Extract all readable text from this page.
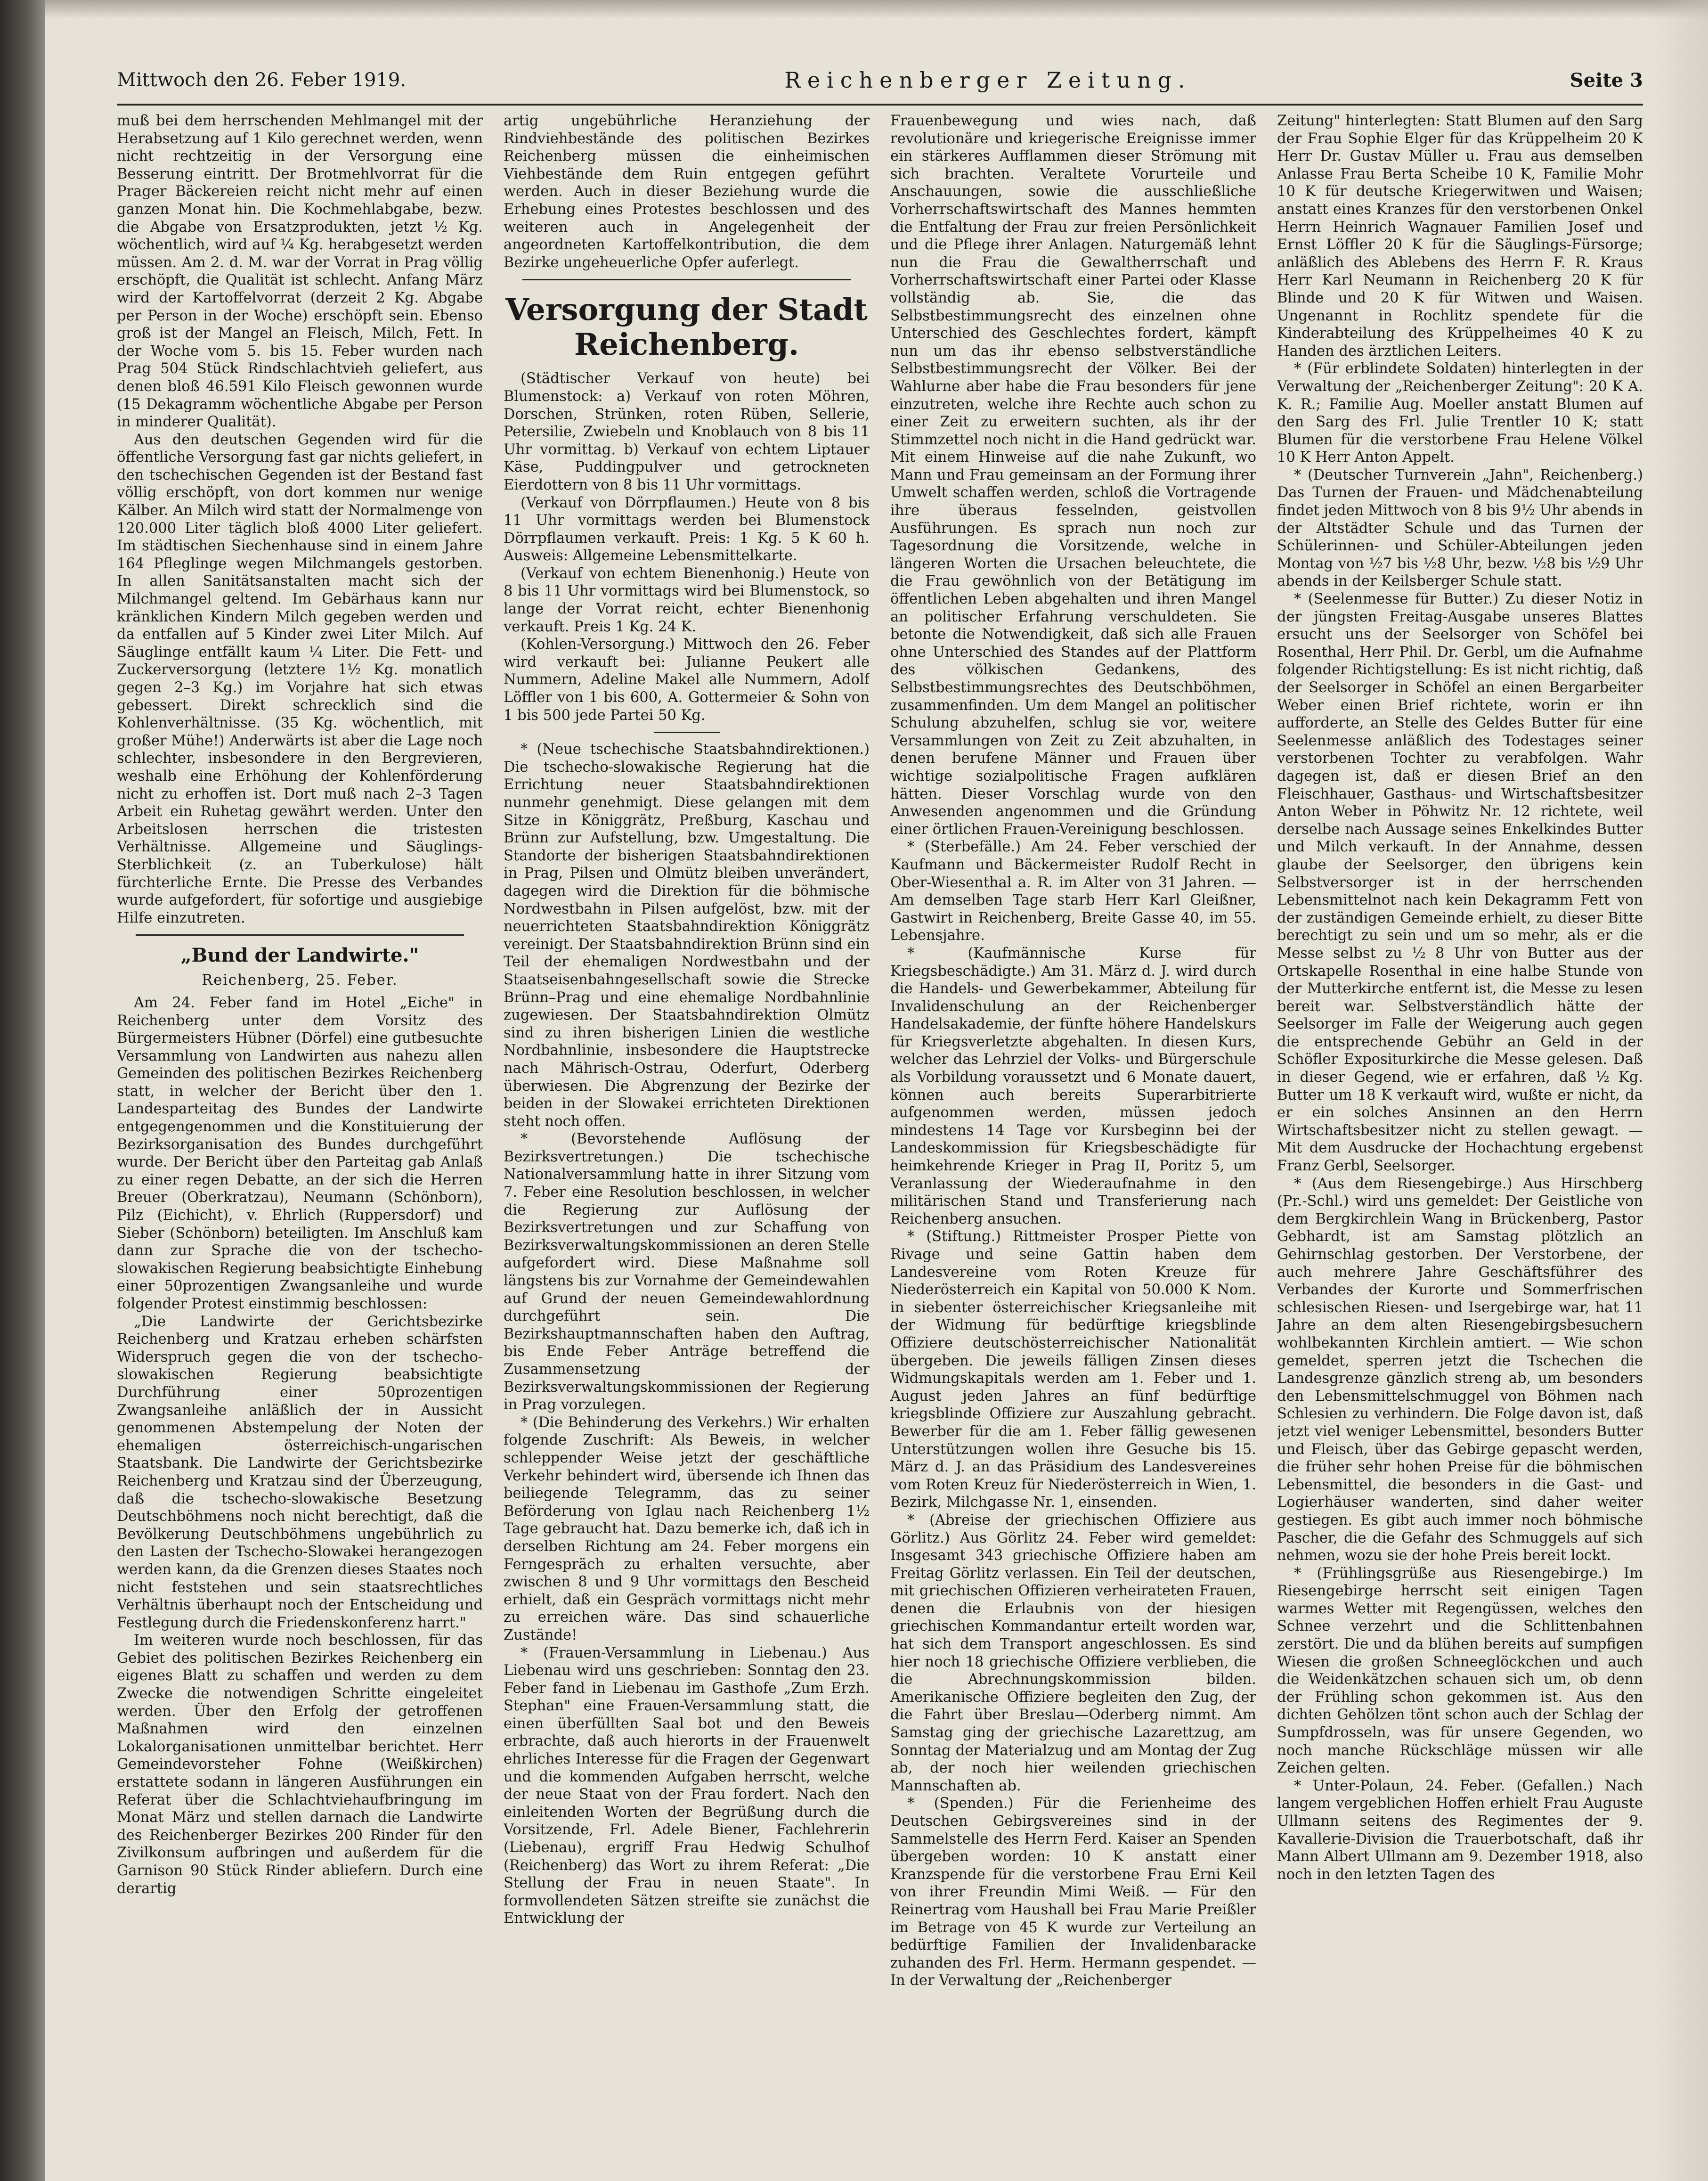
Mittwoch den 26. Feber 1919.	Reichenberger Zeitung.	Seite 3

muß bei dem herrschenden Mehlmangel mit der Herabsetzung auf 1 Kilo gerechnet werden, wenn nicht rechtzeitig in der Versorgung eine Besserung eintritt. Der Brotmehlvorrat für die Prager Bäckereien reicht nicht mehr auf einen ganzen Monat hin. Die Kochmehlabgabe, bezw. die Abgabe von Ersatzprodukten, jetzt ½ Kg. wöchentlich, wird auf ¼ Kg. herabgesetzt werden müssen. Am 2. d. M. war der Vorrat in Prag völlig erschöpft, die Qualität ist schlecht. Anfang März wird der Kartoffelvorrat (derzeit 2 Kg. Abgabe per Person in der Woche) erschöpft sein. Ebenso groß ist der Mangel an Fleisch, Milch, Fett. In der Woche vom 5. bis 15. Feber wurden nach Prag 504 Stück Rindschlachtvieh geliefert, aus denen bloß 46.591 Kilo Fleisch gewonnen wurde (15 Dekagramm wöchentliche Abgabe per Person in minderer Qualität).

Aus den deutschen Gegenden wird für die öffentliche Versorgung fast gar nichts geliefert, in den tschechischen Gegenden ist der Bestand fast völlig erschöpft, von dort kommen nur wenige Kälber. An Milch wird statt der Normalmenge von 120.000 Liter täglich bloß 4000 Liter geliefert. Im städtischen Siechenhause sind in einem Jahre 164 Pfleglinge wegen Milchmangels gestorben. In allen Sanitätsanstalten macht sich der Milchmangel geltend. Im Gebärhaus kann nur kränklichen Kindern Milch gegeben werden und da entfallen auf 5 Kinder zwei Liter Milch. Auf Säuglinge entfällt kaum ¼ Liter. Die Fett- und Zuckerversorgung (letztere 1½ Kg. monatlich gegen 2–3 Kg.) im Vorjahre hat sich etwas gebessert. Direkt schrecklich sind die Kohlenverhältnisse. (35 Kg. wöchentlich, mit großer Mühe!) Anderwärts ist aber die Lage noch schlechter, insbesondere in den Bergrevieren, weshalb eine Erhöhung der Kohlenförderung nicht zu erhoffen ist. Dort muß nach 2–3 Tagen Arbeit ein Ruhetag gewährt werden. Unter den Arbeitslosen herrschen die tristesten Verhältnisse. Allgemeine und Säuglings-Sterblichkeit (z. an Tuberkulose) hält fürchterliche Ernte. Die Presse des Verbandes wurde aufgefordert, für sofortige und ausgiebige Hilfe einzutreten.

„Bund der Landwirte."

Reichenberg, 25. Feber.

Am 24. Feber fand im Hotel „Eiche" in Reichenberg unter dem Vorsitz des Bürgermeisters Hübner (Dörfel) eine gutbesuchte Versammlung von Landwirten aus nahezu allen Gemeinden des politischen Bezirkes Reichenberg statt, in welcher der Bericht über den 1. Landesparteitag des Bundes der Landwirte entgegengenommen und die Konstituierung der Bezirksorganisation des Bundes durchgeführt wurde. Der Bericht über den Parteitag gab Anlaß zu einer regen Debatte, an der sich die Herren Breuer (Oberkratzau), Neumann (Schönborn), Pilz (Eichicht), v. Ehrlich (Ruppersdorf) und Sieber (Schönborn) beteiligten. Im Anschluß kam dann zur Sprache die von der tschecho-slowakischen Regierung beabsichtigte Einhebung einer 50prozentigen Zwangsanleihe und wurde folgender Protest einstimmig beschlossen:

„Die Landwirte der Gerichtsbezirke Reichenberg und Kratzau erheben schärfsten Widerspruch gegen die von der tschecho-slowakischen Regierung beabsichtigte Durchführung einer 50prozentigen Zwangsanleihe anläßlich der in Aussicht genommenen Abstempelung der Noten der ehemaligen österreichisch-ungarischen Staatsbank. Die Landwirte der Gerichtsbezirke Reichenberg und Kratzau sind der Überzeugung, daß die tschecho-slowakische Besetzung Deutschböhmens noch nicht berechtigt, daß die Bevölkerung Deutschböhmens ungebührlich zu den Lasten der Tschecho-Slowakei herangezogen werden kann, da die Grenzen dieses Staates noch nicht feststehen und sein staatsrechtliches Verhältnis überhaupt noch der Entscheidung und Festlegung durch die Friedenskonferenz harrt."

Im weiteren wurde noch beschlossen, für das Gebiet des politischen Bezirkes Reichenberg ein eigenes Blatt zu schaffen und werden zu dem Zwecke die notwendigen Schritte eingeleitet werden. Über den Erfolg der getroffenen Maßnahmen wird den einzelnen Lokalorganisationen unmittelbar berichtet. Herr Gemeindevorsteher Fohne (Weißkirchen) erstattete sodann in längeren Ausführungen ein Referat über die Schlachtviehaufbringung im Monat März und stellen darnach die Landwirte des Reichenberger Bezirkes 200 Rinder für den Zivilkonsum aufbringen und außerdem für die Garnison 90 Stück Rinder abliefern. Durch eine derartig

artig ungebührliche Heranziehung der Rindviehbestände des politischen Bezirkes Reichenberg müssen die einheimischen Viehbestände dem Ruin entgegen geführt werden. Auch in dieser Beziehung wurde die Erhebung eines Protestes beschlossen und des weiteren auch in Angelegenheit der angeordneten Kartoffelkontribution, die dem Bezirke ungeheuerliche Opfer auferlegt.

Versorgung der Stadt Reichenberg.

(Städtischer Verkauf von heute) bei Blumenstock: a) Verkauf von roten Möhren, Dorschen, Strünken, roten Rüben, Sellerie, Petersilie, Zwiebeln und Knoblauch von 8 bis 11 Uhr vormittag. b) Verkauf von echtem Liptauer Käse, Puddingpulver und getrockneten Eierdottern von 8 bis 11 Uhr vormittags.

(Verkauf von Dörrpflaumen.) Heute von 8 bis 11 Uhr vormittags werden bei Blumenstock Dörrpflaumen verkauft. Preis: 1 Kg. 5 K 60 h. Ausweis: Allgemeine Lebensmittelkarte.

(Verkauf von echtem Bienenhonig.) Heute von 8 bis 11 Uhr vormittags wird bei Blumenstock, so lange der Vorrat reicht, echter Bienenhonig verkauft. Preis 1 Kg. 24 K.

(Kohlen-Versorgung.) Mittwoch den 26. Feber wird verkauft bei: Julianne Peukert alle Nummern, Adeline Makel alle Nummern, Adolf Löffler von 1 bis 600, A. Gottermeier & Sohn von 1 bis 500 jede Partei 50 Kg.

* (Neue tschechische Staatsbahndirektionen.) Die tschecho-slowakische Regierung hat die Errichtung neuer Staatsbahndirektionen nunmehr genehmigt. Diese gelangen mit dem Sitze in Königgrätz, Preßburg, Kaschau und Brünn zur Aufstellung, bzw. Umgestaltung. Die Standorte der bisherigen Staatsbahndirektionen in Prag, Pilsen und Olmütz bleiben unverändert, dagegen wird die Direktion für die böhmische Nordwestbahn in Pilsen aufgelöst, bzw. mit der neuerrichteten Staatsbahndirektion Königgrätz vereinigt. Der Staatsbahndirektion Brünn sind ein Teil der ehemaligen Nordwestbahn und der Staatseisenbahngesellschaft sowie die Strecke Brünn–Prag und eine ehemalige Nordbahnlinie zugewiesen. Der Staatsbahndirektion Olmütz sind zu ihren bisherigen Linien die westliche Nordbahnlinie, insbesondere die Hauptstrecke nach Mährisch-Ostrau, Oderfurt, Oderberg überwiesen. Die Abgrenzung der Bezirke der beiden in der Slowakei errichteten Direktionen steht noch offen.

* (Bevorstehende Auflösung der Bezirksvertretungen.) Die tschechische Nationalversammlung hatte in ihrer Sitzung vom 7. Feber eine Resolution beschlossen, in welcher die Regierung zur Auflösung der Bezirksvertretungen und zur Schaffung von Bezirksverwaltungskommissionen an deren Stelle aufgefordert wird. Diese Maßnahme soll längstens bis zur Vornahme der Gemeindewahlen auf Grund der neuen Gemeindewahlordnung durchgeführt sein. Die Bezirkshauptmannschaften haben den Auftrag, bis Ende Feber Anträge betreffend die Zusammensetzung der Bezirksverwaltungskommissionen der Regierung in Prag vorzulegen.

* (Die Behinderung des Verkehrs.) Wir erhalten folgende Zuschrift: Als Beweis, in welcher schleppender Weise jetzt der geschäftliche Verkehr behindert wird, übersende ich Ihnen das beiliegende Telegramm, das zu seiner Beförderung von Iglau nach Reichenberg 1½ Tage gebraucht hat. Dazu bemerke ich, daß ich in derselben Richtung am 24. Feber morgens ein Ferngespräch zu erhalten versuchte, aber zwischen 8 und 9 Uhr vormittags den Bescheid erhielt, daß ein Gespräch vormittags nicht mehr zu erreichen wäre. Das sind schauerliche Zustände!

* (Frauen-Versammlung in Liebenau.) Aus Liebenau wird uns geschrieben: Sonntag den 23. Feber fand in Liebenau im Gasthofe „Zum Erzh. Stephan" eine Frauen-Versammlung statt, die einen überfüllten Saal bot und den Beweis erbrachte, daß auch hierorts in der Frauenwelt ehrliches Interesse für die Fragen der Gegenwart und die kommenden Aufgaben herrscht, welche der neue Staat von der Frau fordert. Nach den einleitenden Worten der Begrüßung durch die Vorsitzende, Frl. Adele Biener, Fachlehrerin (Liebenau), ergriff Frau Hedwig Schulhof (Reichenberg) das Wort zu ihrem Referat: „Die Stellung der Frau in neuen Staate". In formvollendeten Sätzen streifte sie zunächst die Entwicklung der

Frauenbewegung und wies nach, daß revolutionäre und kriegerische Ereignisse immer ein stärkeres Aufflammen dieser Strömung mit sich brachten. Veraltete Vorurteile und Anschauungen, sowie die ausschließliche Vorherrschaftswirtschaft des Mannes hemmten die Entfaltung der Frau zur freien Persönlichkeit und die Pflege ihrer Anlagen. Naturgemäß lehnt nun die Frau die Gewaltherrschaft und Vorherrschaftswirtschaft einer Partei oder Klasse vollständig ab. Sie, die das Selbstbestimmungsrecht des einzelnen ohne Unterschied des Geschlechtes fordert, kämpft nun um das ihr ebenso selbstverständliche Selbstbestimmungsrecht der Völker. Bei der Wahlurne aber habe die Frau besonders für jene einzutreten, welche ihre Rechte auch schon zu einer Zeit zu erweitern suchten, als ihr der Stimmzettel noch nicht in die Hand gedrückt war. Mit einem Hinweise auf die nahe Zukunft, wo Mann und Frau gemeinsam an der Formung ihrer Umwelt schaffen werden, schloß die Vortragende ihre überaus fesselnden, geistvollen Ausführungen. Es sprach nun noch zur Tagesordnung die Vorsitzende, welche in längeren Worten die Ursachen beleuchtete, die die Frau gewöhnlich von der Betätigung im öffentlichen Leben abgehalten und ihren Mangel an politischer Erfahrung verschuldeten. Sie betonte die Notwendigkeit, daß sich alle Frauen ohne Unterschied des Standes auf der Plattform des völkischen Gedankens, des Selbstbestimmungsrechtes des Deutschböhmen, zusammenfinden. Um dem Mangel an politischer Schulung abzuhelfen, schlug sie vor, weitere Versammlungen von Zeit zu Zeit abzuhalten, in denen berufene Männer und Frauen über wichtige sozialpolitische Fragen aufklären hätten. Dieser Vorschlag wurde von den Anwesenden angenommen und die Gründung einer örtlichen Frauen-Vereinigung beschlossen.

* (Sterbefälle.) Am 24. Feber verschied der Kaufmann und Bäckermeister Rudolf Recht in Ober-Wiesenthal a. R. im Alter von 31 Jahren. — Am demselben Tage starb Herr Karl Gleißner, Gastwirt in Reichenberg, Breite Gasse 40, im 55. Lebensjahre.

* (Kaufmännische Kurse für Kriegsbeschädigte.) Am 31. März d. J. wird durch die Handels- und Gewerbekammer, Abteilung für Invalidenschulung an der Reichenberger Handelsakademie, der fünfte höhere Handelskurs für Kriegsverletzte abgehalten. In diesen Kurs, welcher das Lehrziel der Volks- und Bürgerschule als Vorbildung voraussetzt und 6 Monate dauert, können auch bereits Superarbitrierte aufgenommen werden, müssen jedoch mindestens 14 Tage vor Kursbeginn bei der Landeskommission für Kriegsbeschädigte für heimkehrende Krieger in Prag II, Poritz 5, um Veranlassung der Wiederaufnahme in den militärischen Stand und Transferierung nach Reichenberg ansuchen.

* (Stiftung.) Rittmeister Prosper Piette von Rivage und seine Gattin haben dem Landesvereine vom Roten Kreuze für Niederösterreich ein Kapital von 50.000 K Nom. in siebenter österreichischer Kriegsanleihe mit der Widmung für bedürftige kriegsblinde Offiziere deutschösterreichischer Nationalität übergeben. Die jeweils fälligen Zinsen dieses Widmungskapitals werden am 1. Feber und 1. August jeden Jahres an fünf bedürftige kriegsblinde Offiziere zur Auszahlung gebracht. Bewerber für die am 1. Feber fällig gewesenen Unterstützungen wollen ihre Gesuche bis 15. März d. J. an das Präsidium des Landesvereines vom Roten Kreuz für Niederösterreich in Wien, 1. Bezirk, Milchgasse Nr. 1, einsenden.

* (Abreise der griechischen Offiziere aus Görlitz.) Aus Görlitz 24. Feber wird gemeldet: Insgesamt 343 griechische Offiziere haben am Freitag Görlitz verlassen. Ein Teil der deutschen, mit griechischen Offizieren verheirateten Frauen, denen die Erlaubnis von der hiesigen griechischen Kommandantur erteilt worden war, hat sich dem Transport angeschlossen. Es sind hier noch 18 griechische Offiziere verblieben, die die Abrechnungskommission bilden. Amerikanische Offiziere begleiten den Zug, der die Fahrt über Breslau—Oderberg nimmt. Am Samstag ging der griechische Lazarettzug, am Sonntag der Materialzug und am Montag der Zug ab, der noch hier weilenden griechischen Mannschaften ab.

* (Spenden.) Für die Ferienheime des Deutschen Gebirgsvereines sind in der Sammelstelle des Herrn Ferd. Kaiser an Spenden übergeben worden: 10 K anstatt einer Kranzspende für die verstorbene Frau Erni Keil von ihrer Freundin Mimi Weiß. — Für den Reinertrag vom Haushall bei Frau Marie Preißler im Betrage von 45 K wurde zur Verteilung an bedürftige Familien der Invalidenbaracke zuhanden des Frl. Herm. Hermann gespendet. — In der Verwaltung der „Reichenberger

Zeitung" hinterlegten: Statt Blumen auf den Sarg der Frau Sophie Elger für das Krüppelheim 20 K Herr Dr. Gustav Müller u. Frau aus demselben Anlasse Frau Berta Scheibe 10 K, Familie Mohr 10 K für deutsche Kriegerwitwen und Waisen; anstatt eines Kranzes für den verstorbenen Onkel Herrn Heinrich Wagnauer Familien Josef und Ernst Löffler 20 K für die Säuglings-Fürsorge; anläßlich des Ablebens des Herrn F. R. Kraus Herr Karl Neumann in Reichenberg 20 K für Blinde und 20 K für Witwen und Waisen. Ungenannt in Rochlitz spendete für die Kinderabteilung des Krüppelheimes 40 K zu Handen des ärztlichen Leiters.

* (Für erblindete Soldaten) hinterlegten in der Verwaltung der „Reichenberger Zeitung": 20 K A. K. R.; Familie Aug. Moeller anstatt Blumen auf den Sarg des Frl. Julie Trentler 10 K; statt Blumen für die verstorbene Frau Helene Völkel 10 K Herr Anton Appelt.

* (Deutscher Turnverein „Jahn", Reichenberg.) Das Turnen der Frauen- und Mädchenabteilung findet jeden Mittwoch von 8 bis 9½ Uhr abends in der Altstädter Schule und das Turnen der Schülerinnen- und Schüler-Abteilungen jeden Montag von ½7 bis ½8 Uhr, bezw. ½8 bis ½9 Uhr abends in der Keilsberger Schule statt.

* (Seelenmesse für Butter.) Zu dieser Notiz in der jüngsten Freitag-Ausgabe unseres Blattes ersucht uns der Seelsorger von Schöfel bei Rosenthal, Herr Phil. Dr. Gerbl, um die Aufnahme folgender Richtigstellung: Es ist nicht richtig, daß der Seelsorger in Schöfel an einen Bergarbeiter Weber einen Brief richtete, worin er ihn aufforderte, an Stelle des Geldes Butter für eine Seelenmesse anläßlich des Todestages seiner verstorbenen Tochter zu verabfolgen. Wahr dagegen ist, daß er diesen Brief an den Fleischhauer, Gasthaus- und Wirtschaftsbesitzer Anton Weber in Pöhwitz Nr. 12 richtete, weil derselbe nach Aussage seines Enkelkindes Butter und Milch verkauft. In der Annahme, dessen glaube der Seelsorger, den übrigens kein Selbstversorger ist in der herrschenden Lebensmittelnot nach kein Dekagramm Fett von der zuständigen Gemeinde erhielt, zu dieser Bitte berechtigt zu sein und um so mehr, als er die Messe selbst zu ½ 8 Uhr von Butter aus der Ortskapelle Rosenthal in eine halbe Stunde von der Mutterkirche entfernt ist, die Messe zu lesen bereit war. Selbstverständlich hätte der Seelsorger im Falle der Weigerung auch gegen die entsprechende Gebühr an Geld in der Schöfler Expositurkirche die Messe gelesen. Daß in dieser Gegend, wie er erfahren, daß ½ Kg. Butter um 18 K verkauft wird, wußte er nicht, da er ein solches Ansinnen an den Herrn Wirtschaftsbesitzer nicht zu stellen gewagt. — Mit dem Ausdrucke der Hochachtung ergebenst Franz Gerbl, Seelsorger.

* (Aus dem Riesengebirge.) Aus Hirschberg (Pr.-Schl.) wird uns gemeldet: Der Geistliche von dem Bergkirchlein Wang in Brückenberg, Pastor Gebhardt, ist am Samstag plötzlich an Gehirnschlag gestorben. Der Verstorbene, der auch mehrere Jahre Geschäftsführer des Verbandes der Kurorte und Sommerfrischen schlesischen Riesen- und Isergebirge war, hat 11 Jahre an dem alten Riesengebirgsbesuchern wohlbekannten Kirchlein amtiert. — Wie schon gemeldet, sperren jetzt die Tschechen die Landesgrenze gänzlich streng ab, um besonders den Lebensmittelschmuggel von Böhmen nach Schlesien zu verhindern. Die Folge davon ist, daß jetzt viel weniger Lebensmittel, besonders Butter und Fleisch, über das Gebirge gepascht werden, die früher sehr hohen Preise für die böhmischen Lebensmittel, die besonders in die Gast- und Logierhäuser wanderten, sind daher weiter gestiegen. Es gibt auch immer noch böhmische Pascher, die die Gefahr des Schmuggels auf sich nehmen, wozu sie der hohe Preis bereit lockt.

* (Frühlingsgrüße aus Riesengebirge.) Im Riesengebirge herrscht seit einigen Tagen warmes Wetter mit Regengüssen, welches den Schnee verzehrt und die Schlittenbahnen zerstört. Die und da blühen bereits auf sumpfigen Wiesen die großen Schneeglöckchen und auch die Weidenkätzchen schauen sich um, ob denn der Frühling schon gekommen ist. Aus den dichten Gehölzen tönt schon auch der Schlag der Sumpfdrosseln, was für unsere Gegenden, wo noch manche Rückschläge müssen wir alle Zeichen gelten.

* Unter-Polaun, 24. Feber. (Gefallen.) Nach langem vergeblichen Hoffen erhielt Frau Auguste Ullmann seitens des Regimentes der 9. Kavallerie-Division die Trauerbotschaft, daß ihr Mann Albert Ullmann am 9. Dezember 1918, also noch in den letzten Tagen des
